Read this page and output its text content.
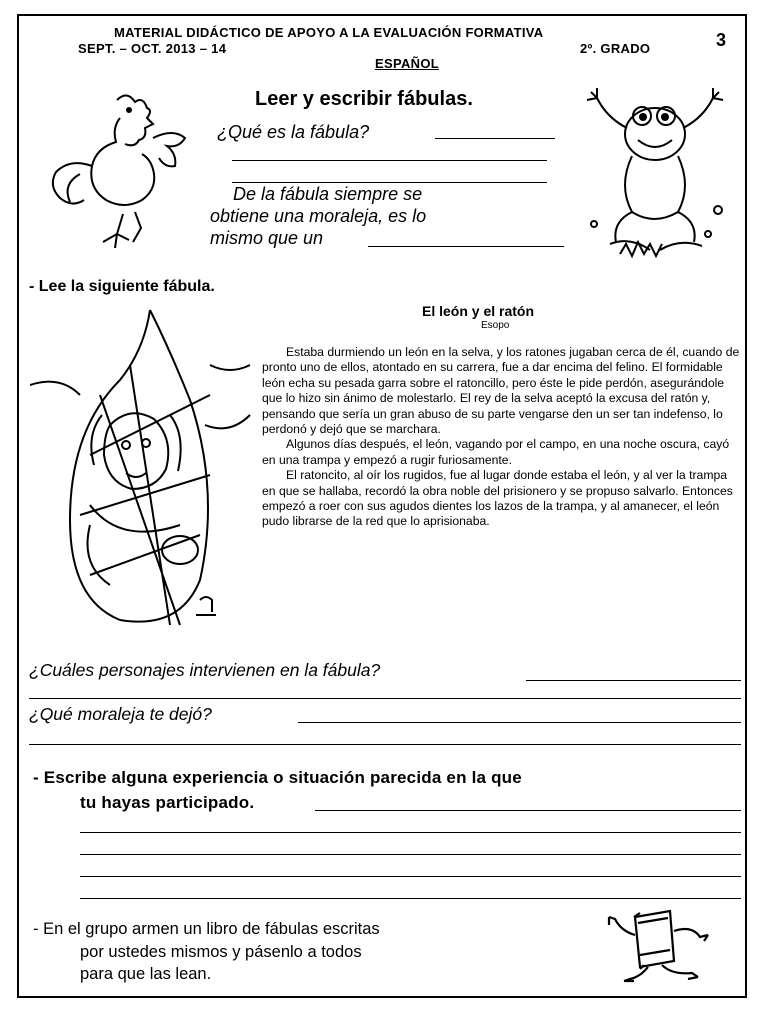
MATERIAL DIDÁCTICO DE APOYO A LA EVALUACIÓN FORMATIVA
SEPT. – OCT. 2013 – 14	2º. GRADO	3
ESPAÑOL
Leer y escribir fábulas.
¿Qué es la fábula?
De la fábula siempre se
obtiene una moraleja, es lo
mismo que un
- Lee la siguiente fábula.
El león y el ratón
Esopo

Estaba durmiendo un león en la selva, y los ratones jugaban cerca de él, cuando de pronto uno de ellos, atontado en su carrera, fue a dar encima del felino. El formidable león echa su pesada garra sobre el ratoncillo, pero éste le pide perdón, asegurándole que lo hizo sin ánimo de molestarlo. El rey de la selva aceptó la excusa del ratón y, pensando que sería un gran abuso de su parte vengarse den un ser tan indefenso, lo perdonó y dejó que se marchara.

Algunos días después, el león, vagando por el campo, en una noche oscura, cayó en una trampa y empezó a rugir furiosamente.

El ratoncito, al oír los rugidos, fue al lugar donde estaba el león, y al ver la trampa en que se hallaba, recordó la obra noble del prisionero y se propuso salvarlo. Entonces empezó a roer con sus agudos dientes los lazos de la trampa, y al amanecer, el león pudo librarse de la red que lo aprisionaba.

¿Cuáles personajes intervienen en la fábula?
¿Qué moraleja te dejó?
- Escribe alguna experiencia o situación parecida en la que
tu hayas participado.
- En el grupo armen un libro de fábulas escritas
por ustedes mismos y pásenlo a todos
para que las lean.
